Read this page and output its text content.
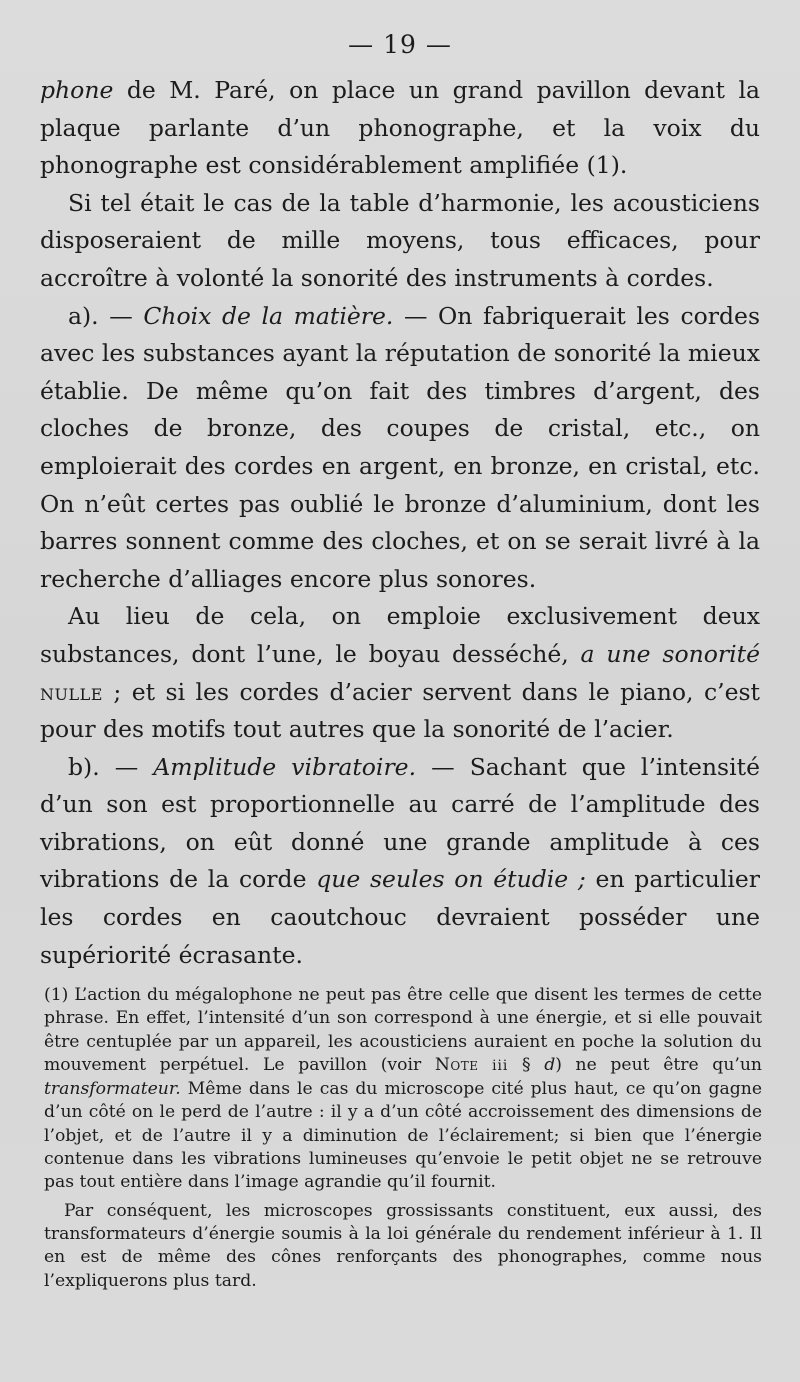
— 19 —

phone de M. Paré, on place un grand pavillon devant la plaque parlante d’un phonographe, et la voix du phonographe est considérablement amplifiée (1).

Si tel était le cas de la table d’harmonie, les acousticiens disposeraient de mille moyens, tous efficaces, pour accroître à volonté la sonorité des instruments à cordes.

a). — Choix de la matière. — On fabriquerait les cordes avec les substances ayant la réputation de sonorité la mieux établie. De même qu’on fait des timbres d’argent, des cloches de bronze, des coupes de cristal, etc., on emploierait des cordes en argent, en bronze, en cristal, etc. On n’eût certes pas oublié le bronze d’aluminium, dont les barres sonnent comme des cloches, et on se serait livré à la recherche d’alliages encore plus sonores.

Au lieu de cela, on emploie exclusivement deux substances, dont l’une, le boyau desséché, a une sonorité nulle ; et si les cordes d’acier servent dans le piano, c’est pour des motifs tout autres que la sonorité de l’acier.

b). — Amplitude vibratoire. — Sachant que l’intensité d’un son est proportionnelle au carré de l’amplitude des vibrations, on eût donné une grande amplitude à ces vibrations de la corde que seules on étudie ; en particulier les cordes en caoutchouc devraient posséder une supériorité écrasante.

(1) L’action du mégalophone ne peut pas être celle que disent les termes de cette phrase. En effet, l’intensité d’un son correspond à une énergie, et si elle pouvait être centuplée par un appareil, les acousticiens auraient en poche la solution du mouvement perpétuel. Le pavillon (voir Note iii § d) ne peut être qu’un transformateur. Même dans le cas du microscope cité plus haut, ce qu’on gagne d’un côté on le perd de l’autre : il y a d’un côté accroissement des dimensions de l’objet, et de l’autre il y a diminution de l’éclairement; si bien que l’énergie contenue dans les vibrations lumineuses qu’envoie le petit objet ne se retrouve pas tout entière dans l’image agrandie qu’il fournit.

Par conséquent, les microscopes grossissants constituent, eux aussi, des transformateurs d’énergie soumis à la loi générale du rendement inférieur à 1. Il en est de même des cônes renforçants des phonographes, comme nous l’expliquerons plus tard.
